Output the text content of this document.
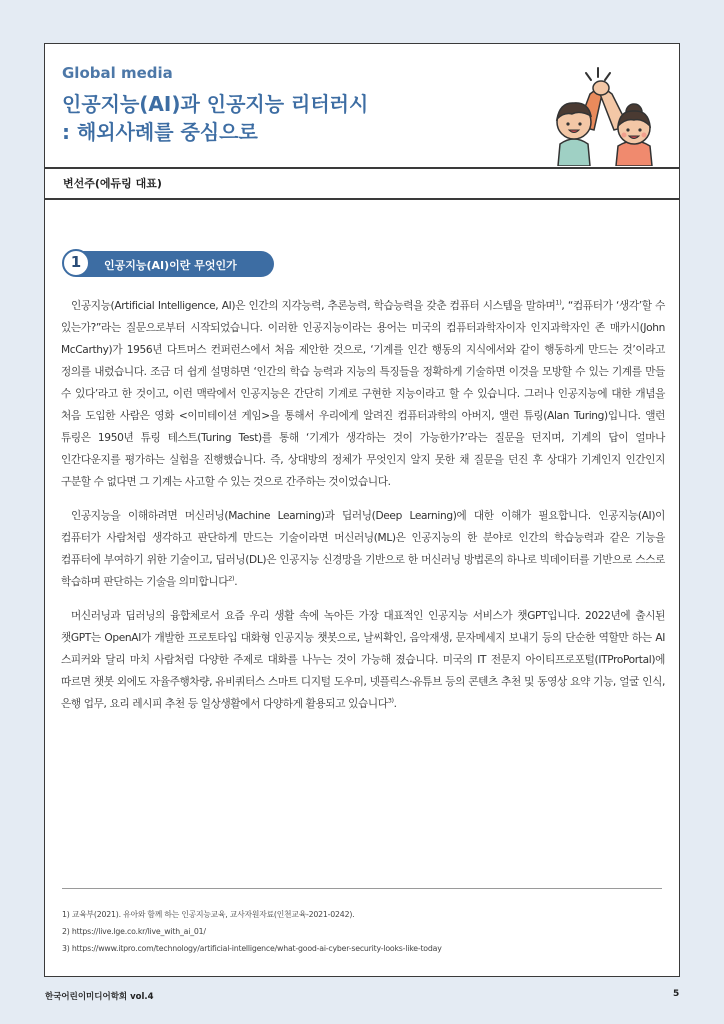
Global media
인공지능(AI)과 인공지능 리터러시
: 해외사례를 중심으로
변선주(에듀링 대표)
1	인공지능(AI)이란 무엇인가

인공지능(Artificial Intelligence, AI)은 인간의 지각능력, 추론능력, 학습능력을 갖춘 컴퓨터 시스템을 말하며$^{1)}$, “컴퓨터가 ‘생각’할 수 있는가?”라는 질문으로부터 시작되었습니다. 이러한 인공지능이라는 용어는 미국의 컴퓨터과학자이자 인지과학자인 존 매카시(John McCarthy)가 1956년 다트머스 컨퍼런스에서 처음 제안한 것으로, ‘기계를 인간 행동의 지식에서와 같이 행동하게 만드는 것’이라고 정의를 내렸습니다. 조금 더 쉽게 설명하면 ‘인간의 학습 능력과 지능의 특징들을 정확하게 기술하면 이것을 모방할 수 있는 기계를 만들 수 있다’라고 한 것이고, 이런 맥락에서 인공지능은 간단히 기계로 구현한 지능이라고 할 수 있습니다. 그러나 인공지능에 대한 개념을 처음 도입한 사람은 영화 <이미테이션 게임>을 통해서 우리에게 알려진 컴퓨터과학의 아버지, 앨런 튜링(Alan Turing)입니다. 앨런 튜링은 1950년 튜링 테스트(Turing Test)를 통해 ‘기계가 생각하는 것이 가능한가?’라는 질문을 던지며, 기계의 답이 얼마나 인간다운지를 평가하는 실험을 진행했습니다. 즉, 상대방의 정체가 무엇인지 알지 못한 채 질문을 던진 후 상대가 기계인지 인간인지 구분할 수 없다면 그 기계는 사고할 수 있는 것으로 간주하는 것이었습니다.

인공지능을 이해하려면 머신러닝(Machine Learning)과 딥러닝(Deep Learning)에 대한 이해가 필요합니다. 인공지능(AI)이 컴퓨터가 사람처럼 생각하고 판단하게 만드는 기술이라면 머신러닝(ML)은 인공지능의 한 분야로 인간의 학습능력과 같은 기능을 컴퓨터에 부여하기 위한 기술이고, 딥러닝(DL)은 인공지능 신경망을 기반으로 한 머신러닝 방법론의 하나로 빅데이터를 기반으로 스스로 학습하며 판단하는 기술을 의미합니다$^{2)}$.

머신러닝과 딥러닝의 융합체로서 요즘 우리 생활 속에 녹아든 가장 대표적인 인공지능 서비스가 챗GPT입니다. 2022년에 출시된 챗GPT는 OpenAI가 개발한 프로토타입 대화형 인공지능 챗봇으로, 날씨확인, 음악재생, 문자메세지 보내기 등의 단순한 역할만 하는 AI 스피커와 달리 마치 사람처럼 다양한 주제로 대화를 나누는 것이 가능해 졌습니다. 미국의 IT 전문지 아이티프로포털(ITProPortal)에 따르면 챗봇 외에도 자율주행차량, 유비쿼터스 스마트 디지털 도우미, 넷플릭스·유튜브 등의 콘텐츠 추천 및 동영상 요약 기능, 얼굴 인식, 은행 업무, 요리 레시피 추천 등 일상생활에서 다양하게 활용되고 있습니다$^{3)}$.

1) 교육부(2021). 유아와 함께 하는 인공지능교육, 교사자원자료(인천교육-2021-0242).
2) https://live.lge.co.kr/live_with_ai_01/
3) https://www.itpro.com/technology/artificial-intelligence/what-good-ai-cyber-security-looks-like-today
한국어린이미디어학회 vol.4	5
